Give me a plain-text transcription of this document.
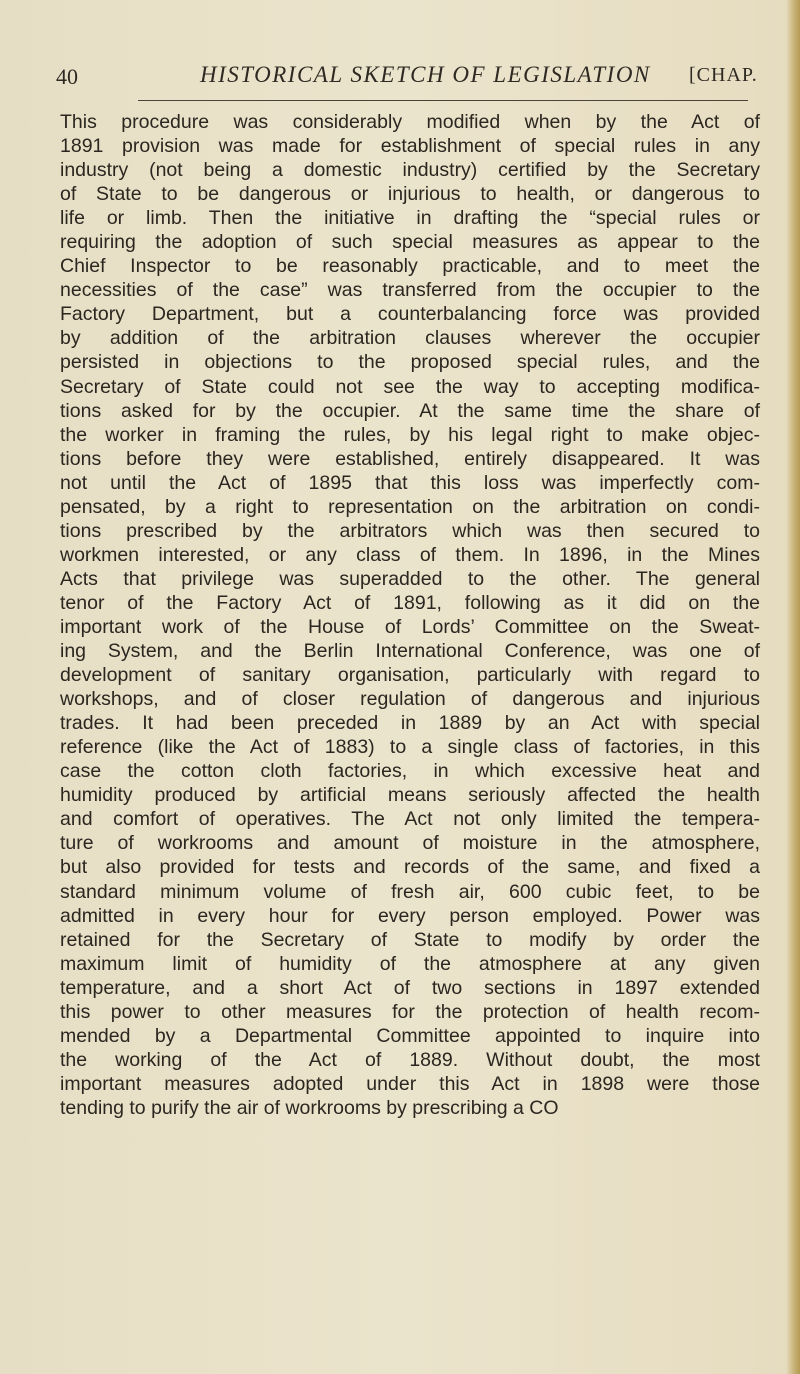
40	HISTORICAL SKETCH OF LEGISLATION [CHAP.
This procedure was considerably modified when by the Act of
1891 provision was made for establishment of special rules in any
industry (not being a domestic industry) certified by the Secretary
of State to be dangerous or injurious to health, or dangerous to
life or limb. Then the initiative in drafting the “special rules or
requiring the adoption of such special measures as appear to the
Chief Inspector to be reasonably practicable, and to meet the
necessities of the case” was transferred from the occupier to the
Factory Department, but a counterbalancing force was provided
by addition of the arbitration clauses wherever the occupier
persisted in objections to the proposed special rules, and the
Secretary of State could not see the way to accepting modifica-
tions asked for by the occupier. At the same time the share of
the worker in framing the rules, by his legal right to make objec-
tions before they were established, entirely disappeared. It was
not until the Act of 1895 that this loss was imperfectly com-
pensated, by a right to representation on the arbitration on condi-
tions prescribed by the arbitrators which was then secured to
workmen interested, or any class of them. In 1896, in the Mines
Acts that privilege was superadded to the other. The general
tenor of the Factory Act of 1891, following as it did on the
important work of the House of Lords’ Committee on the Sweat-
ing System, and the Berlin International Conference, was one of
development of sanitary organisation, particularly with regard to
workshops, and of closer regulation of dangerous and injurious
trades. It had been preceded in 1889 by an Act with special
reference (like the Act of 1883) to a single class of factories, in this
case the cotton cloth factories, in which excessive heat and
humidity produced by artificial means seriously affected the health
and comfort of operatives. The Act not only limited the tempera-
ture of workrooms and amount of moisture in the atmosphere,
but also provided for tests and records of the same, and fixed a
standard minimum volume of fresh air, 600 cubic feet, to be
admitted in every hour for every person employed. Power was
retained for the Secretary of State to modify by order the
maximum limit of humidity of the atmosphere at any given
temperature, and a short Act of two sections in 1897 extended
this power to other measures for the protection of health recom-
mended by a Departmental Committee appointed to inquire into
the working of the Act of 1889. Without doubt, the most
important measures adopted under this Act in 1898 were those
tending to purify the air of workrooms by prescribing a CO
